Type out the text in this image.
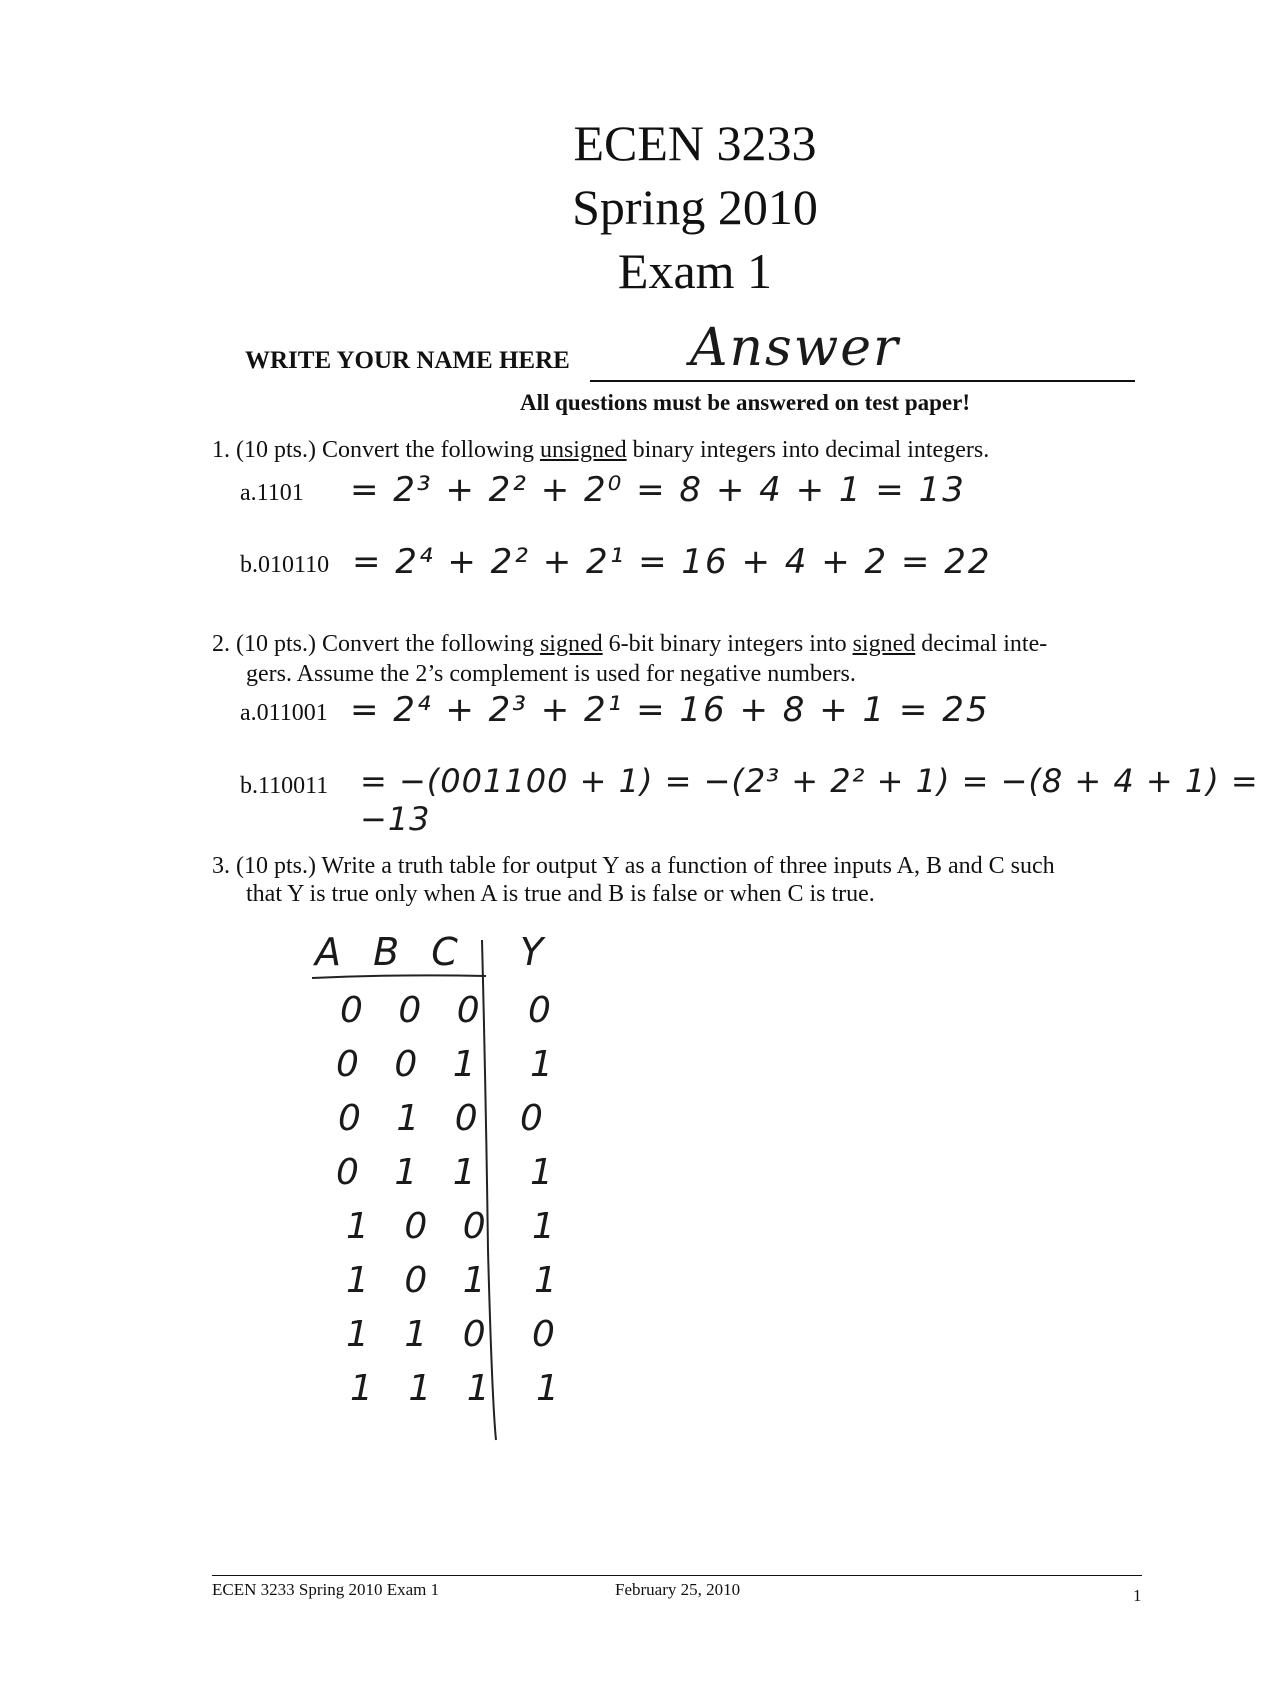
ECEN 3233
Spring 2010
Exam 1
WRITE YOUR NAME HERE Answer
All questions must be answered on test paper!
1. (10 pts.) Convert the following unsigned binary integers into decimal integers.
a.1101 = 2³ + 2² + 2⁰ = 8 + 4 + 1 = 13
b.010110 = 2⁴ + 2² + 2¹ = 16 + 4 + 2 = 22
2. (10 pts.) Convert the following signed 6-bit binary integers into signed decimal inte-
gers. Assume the 2’s complement is used for negative numbers.
a.011001 = 2⁴ + 2³ + 2¹ = 16 + 8 + 1 = 25
b.110011 = −(001100 + 1) = −(2³ + 2² + 1) = −(8 + 4 + 1) = −13
3. (10 pts.) Write a truth table for output Y as a function of three inputs A, B and C such
that Y is true only when A is true and B is false or when C is true.
A B C Y
0 0 0 0
0 0 1 1
0 1 0 0
0 1 1 1
1 0 0 1
1 0 1 1
1 1 0 0
1 1 1 1
ECEN 3233 Spring 2010 Exam 1	February 25, 2010	1
